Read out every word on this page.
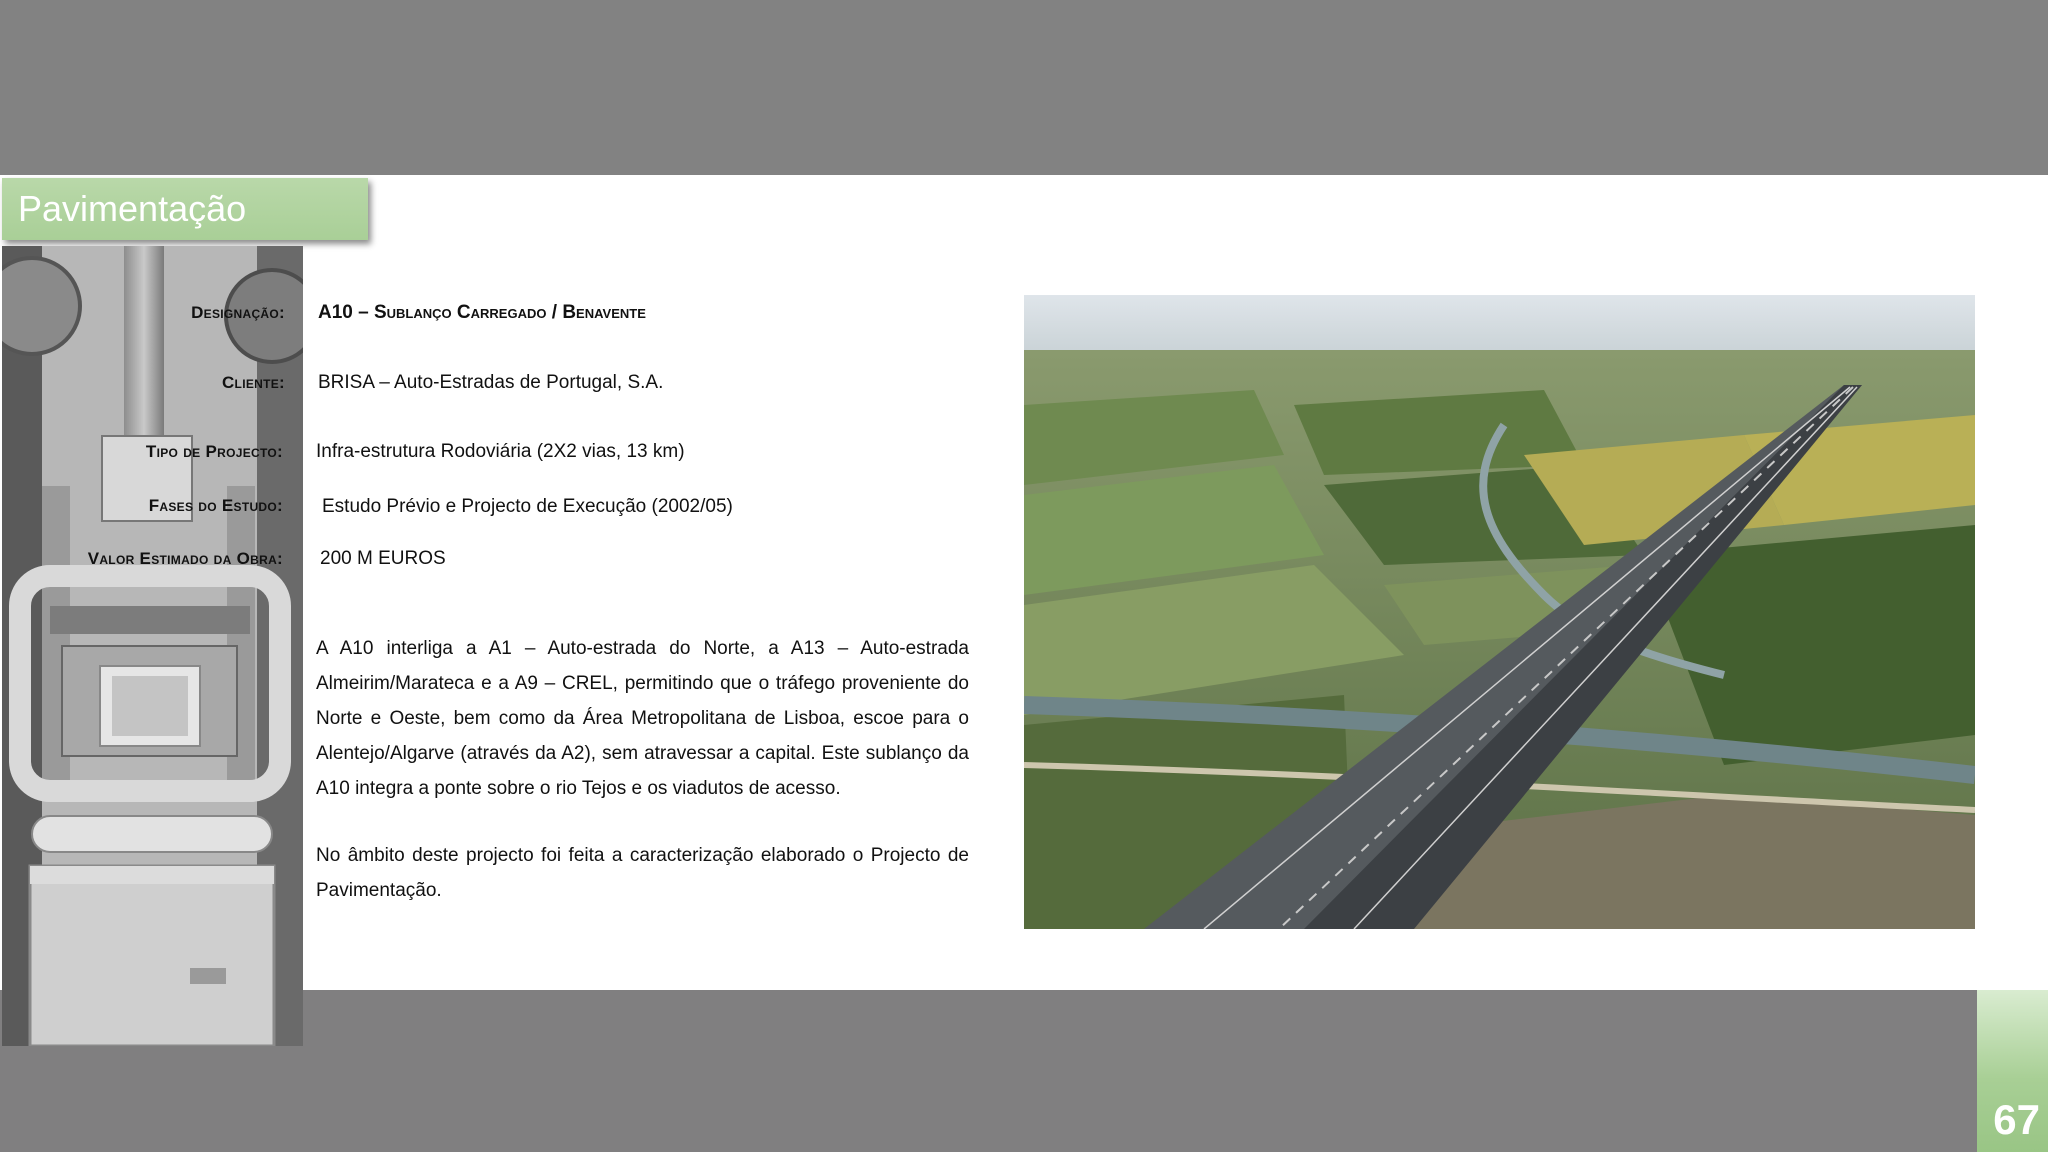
Pavimentação
Designação: A10 – Sublanço Carregado / Benavente
Cliente: BRISA – Auto-Estradas de Portugal, S.A.
Tipo de Projecto: Infra-estrutura Rodoviária (2X2 vias, 13 km)
Fases do Estudo: Estudo Prévio e Projecto de Execução (2002/05)
Valor Estimado da Obra: 200 M EUROS

A A10 interliga a A1 – Auto-estrada do Norte, a A13 – Auto-estrada Almeirim/Marateca e a A9 – CREL, permitindo que o tráfego proveniente do Norte e Oeste, bem como da Área Metropolitana de Lisboa, escoe para o Alentejo/Algarve (através da A2), sem atravessar a capital. Este sublanço da A10 integra a ponte sobre o rio Tejos e os viadutos de acesso.

No âmbito deste projecto foi feita a caracterização elaborado o Projecto de Pavimentação.

67
